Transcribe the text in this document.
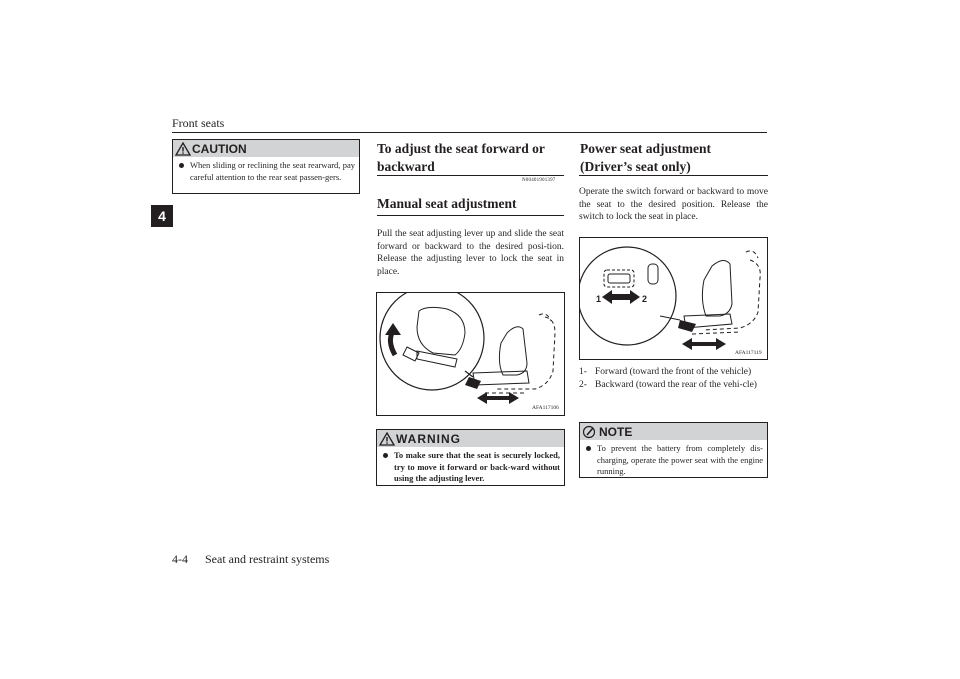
Front seats
4
CAUTION
When sliding or reclining the seat rearward, pay careful attention to the rear seat passen-gers.
To adjust the seat forward or backward
N00401901397
Manual seat adjustment
Pull the seat adjusting lever up and slide the seat forward or backward to the desired posi-tion. Release the adjusting lever to lock the seat in place.
AFA117106
WARNING
To make sure that the seat is securely locked, try to move it forward or back-ward without using the adjusting lever.
Power seat adjustment (Driver’s seat only)
Operate the switch forward or backward to move the seat to the desired position. Release the switch to lock the seat in place.
1	2
AFA117119
1- Forward (toward the front of the vehicle)
2- Backward (toward the rear of the vehi-cle)
NOTE
To prevent the battery from completely dis-charging, operate the power seat with the engine running.
4-4 Seat and restraint systems
